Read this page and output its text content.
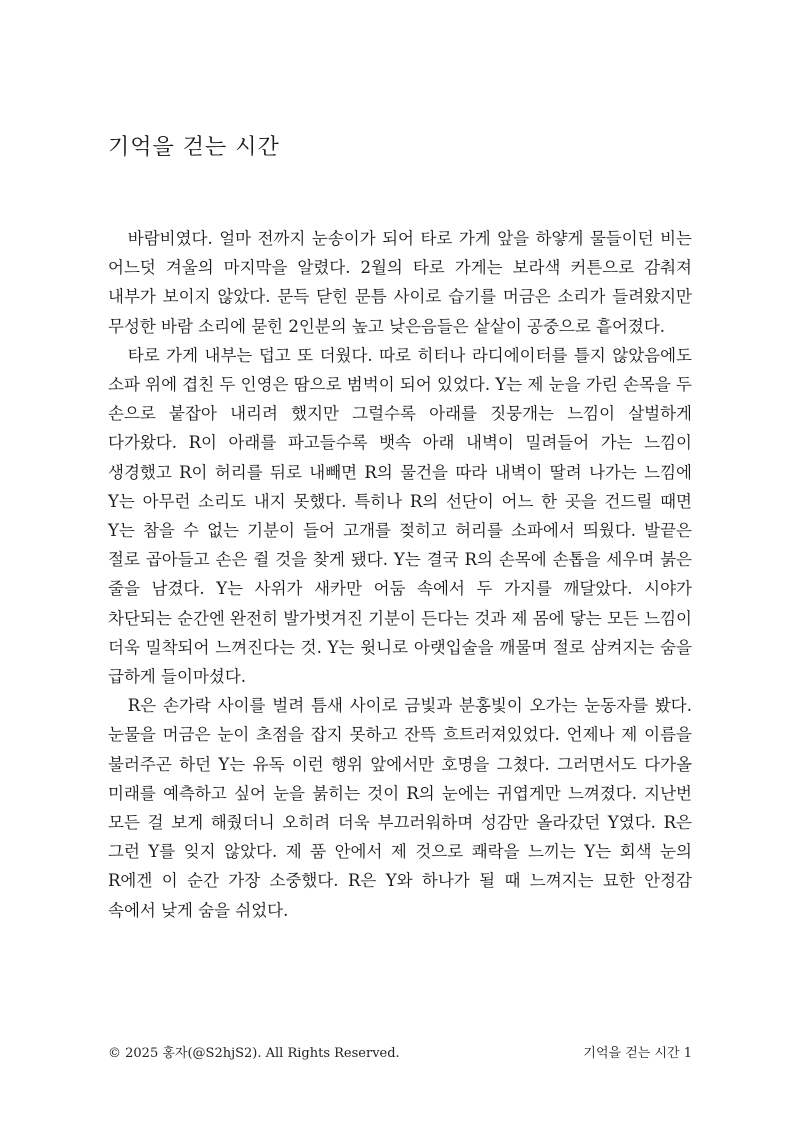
기억을 걷는 시간

바람비였다. 얼마 전까지 눈송이가 되어 타로 가게 앞을 하얗게 물들이던 비는 어느덧 겨울의 마지막을 알렸다. 2월의 타로 가게는 보라색 커튼으로 감춰져 내부가 보이지 않았다. 문득 닫힌 문틈 사이로 습기를 머금은 소리가 들려왔지만 무성한 바람 소리에 묻힌 2인분의 높고 낮은음들은 샅샅이 공중으로 흩어졌다.

타로 가게 내부는 덥고 또 더웠다. 따로 히터나 라디에이터를 틀지 않았음에도 소파 위에 겹친 두 인영은 땀으로 범벅이 되어 있었다. Y는 제 눈을 가린 손목을 두 손으로 붙잡아 내리려 했지만 그럴수록 아래를 짓뭉개는 느낌이 살벌하게 다가왔다. R이 아래를 파고들수록 뱃속 아래 내벽이 밀려들어 가는 느낌이 생경했고 R이 허리를 뒤로 내빼면 R의 물건을 따라 내벽이 딸려 나가는 느낌에 Y는 아무런 소리도 내지 못했다. 특히나 R의 선단이 어느 한 곳을 건드릴 때면 Y는 참을 수 없는 기분이 들어 고개를 젖히고 허리를 소파에서 띄웠다. 발끝은 절로 곱아들고 손은 쥘 것을 찾게 됐다. Y는 결국 R의 손목에 손톱을 세우며 붉은 줄을 남겼다. Y는 사위가 새카만 어둠 속에서 두 가지를 깨달았다. 시야가 차단되는 순간엔 완전히 발가벗겨진 기분이 든다는 것과 제 몸에 닿는 모든 느낌이 더욱 밀착되어 느껴진다는 것. Y는 윗니로 아랫입술을 깨물며 절로 삼켜지는 숨을 급하게 들이마셨다.

R은 손가락 사이를 벌려 틈새 사이로 금빛과 분홍빛이 오가는 눈동자를 봤다. 눈물을 머금은 눈이 초점을 잡지 못하고 잔뜩 흐트러져있었다. 언제나 제 이름을 불러주곤 하던 Y는 유독 이런 행위 앞에서만 호명을 그쳤다. 그러면서도 다가올 미래를 예측하고 싶어 눈을 붉히는 것이 R의 눈에는 귀엽게만 느껴졌다. 지난번 모든 걸 보게 해줬더니 오히려 더욱 부끄러워하며 성감만 올라갔던 Y였다. R은 그런 Y를 잊지 않았다. 제 품 안에서 제 것으로 쾌락을 느끼는 Y는 회색 눈의 R에겐 이 순간 가장 소중했다. R은 Y와 하나가 될 때 느껴지는 묘한 안정감 속에서 낮게 숨을 쉬었다.

© 2025 홍자(@S2hjS2). All Rights Reserved.	기억을 걷는 시간 1
